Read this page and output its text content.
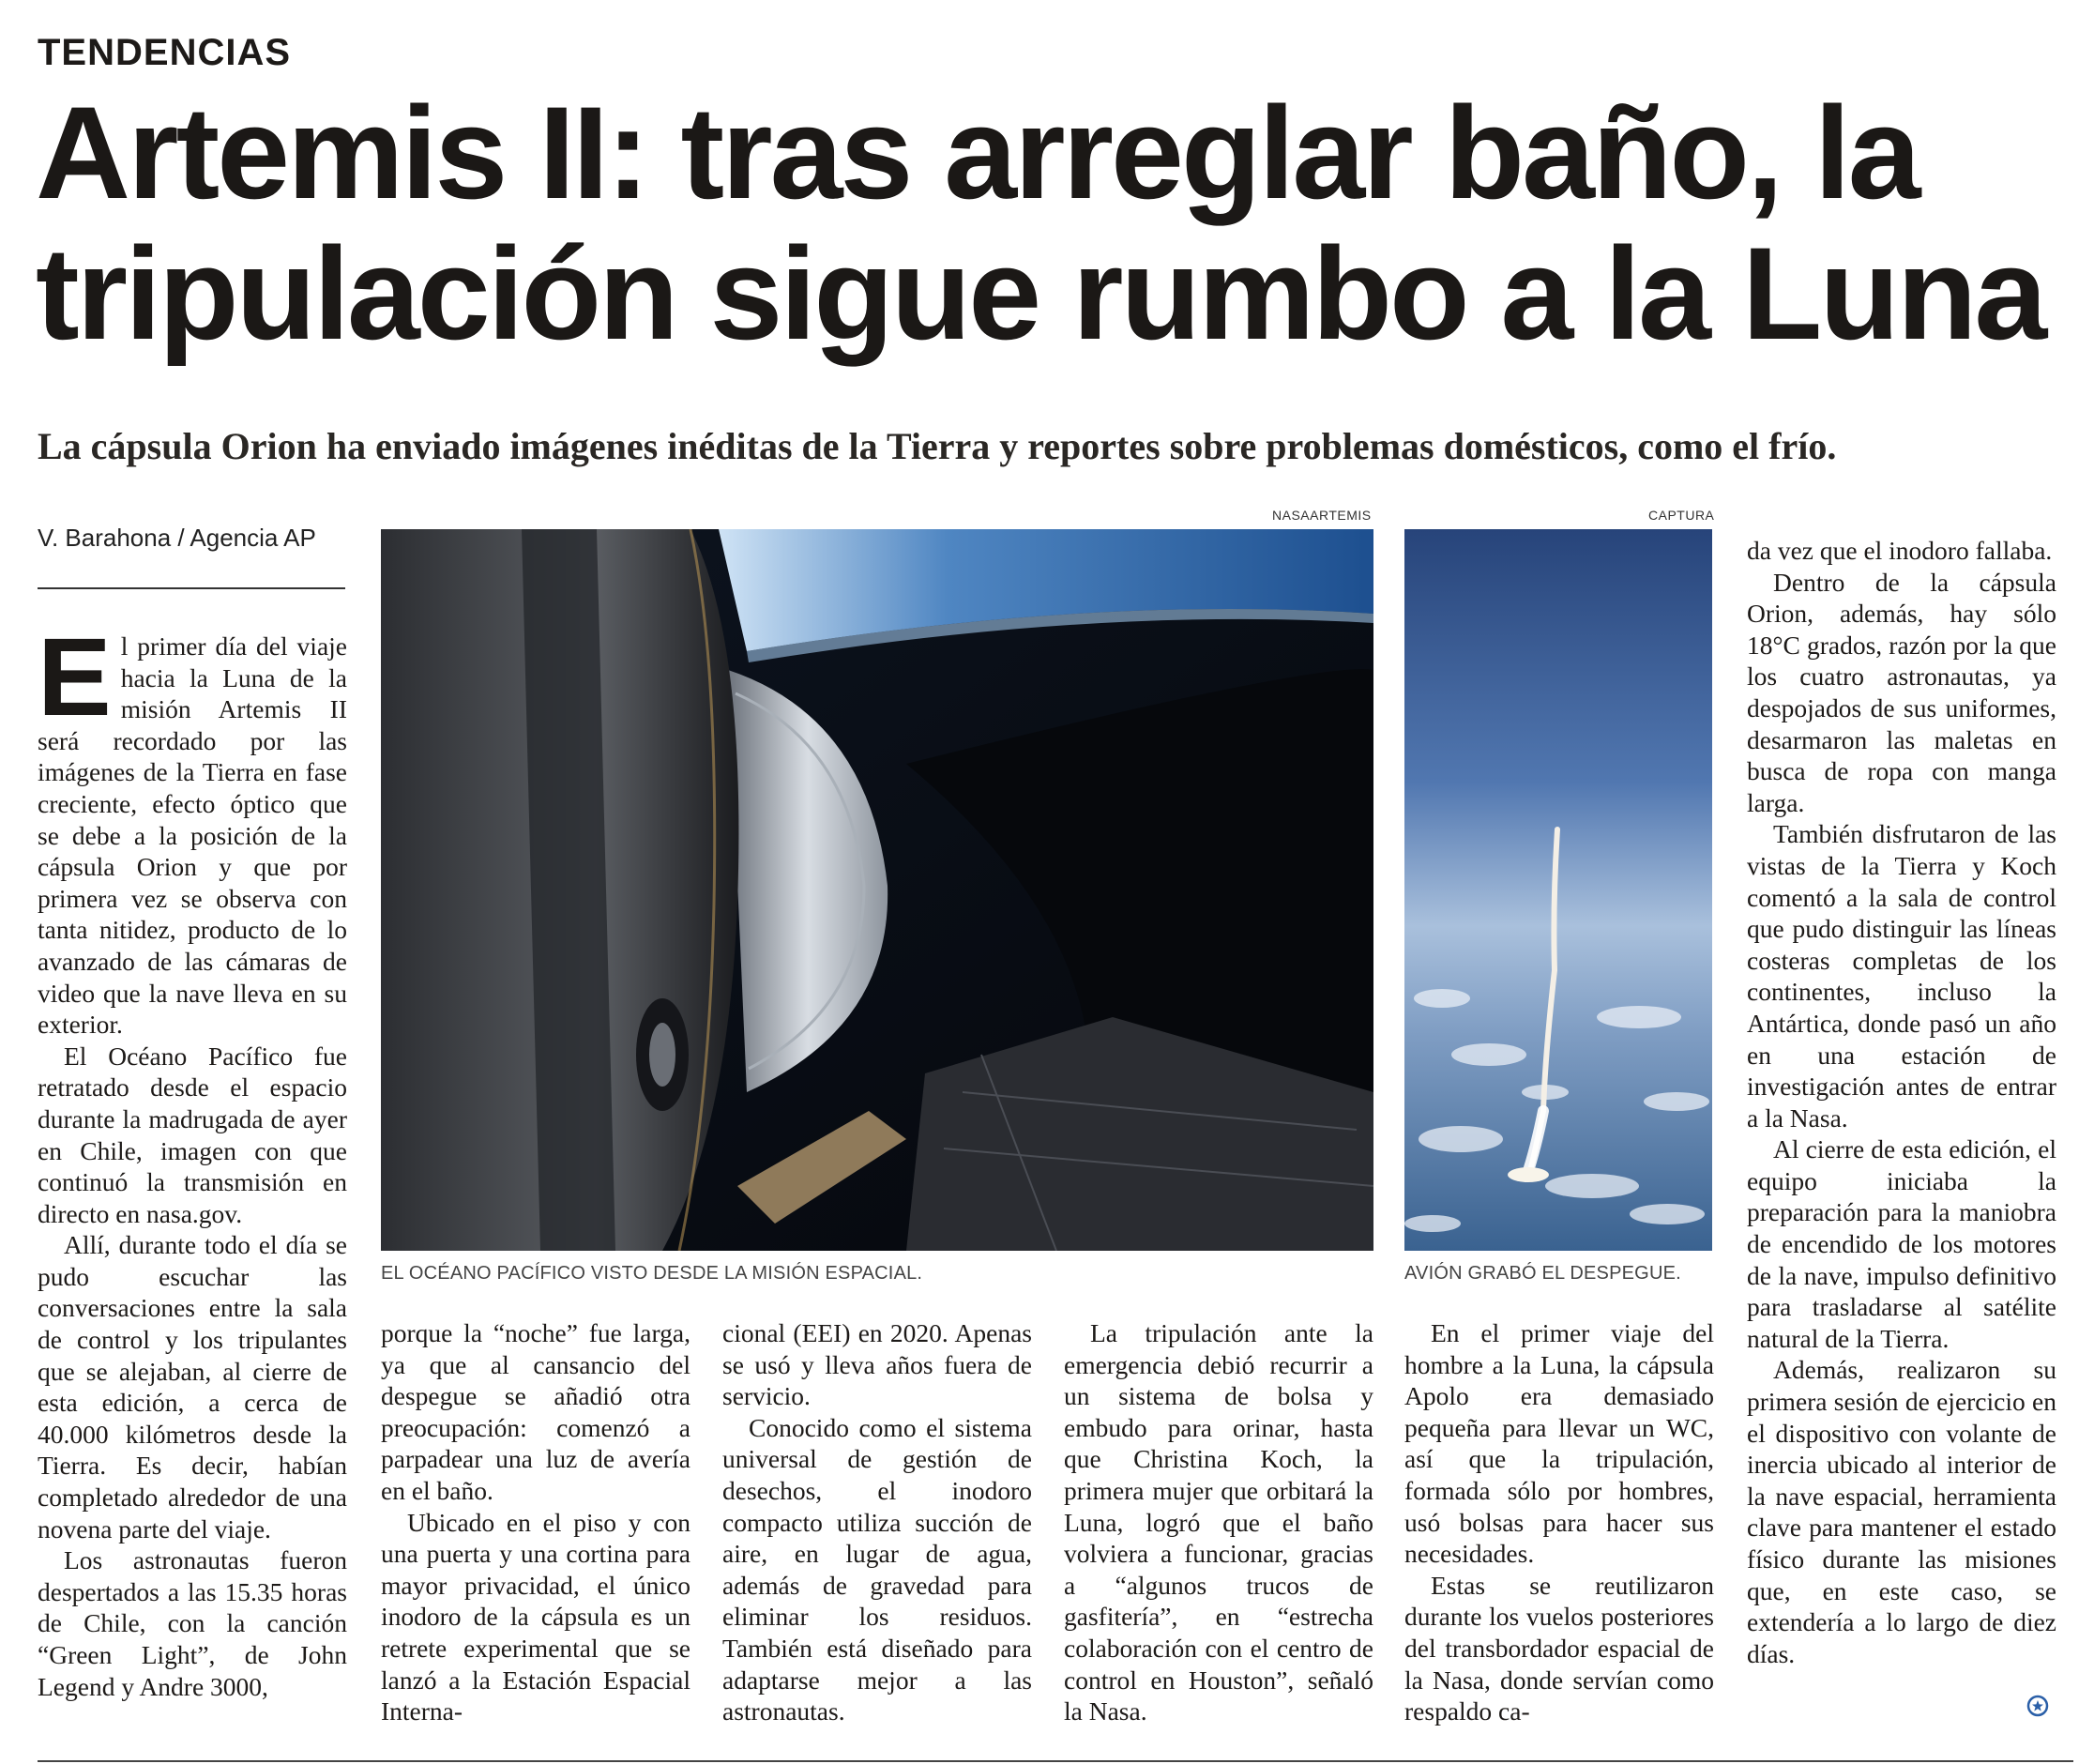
TENDENCIAS
Artemis II: tras arreglar baño, la tripulación sigue rumbo a la Luna
La cápsula Orion ha enviado imágenes inéditas de la Tierra y reportes sobre problemas domésticos, como el frío.
V. Barahona / Agencia AP
NASAARTEMIS
EL OCÉANO PACÍFICO VISTO DESDE LA MISIÓN ESPACIAL.
CAPTURA
AVIÓN GRABÓ EL DESPEGUE.
E l primer día del viaje hacia la Luna de la misión Artemis II será recordado por las imágenes de la Tierra en fase creciente, efecto óptico que se debe a la posición de la cápsula Orion y que por primera vez se observa con tanta nitidez, producto de lo avanzado de las cámaras de video que la nave lleva en su exterior.

El Océano Pacífico fue retratado desde el espacio durante la madrugada de ayer en Chile, imagen con que continuó la transmisión en directo en nasa.gov.

Allí, durante todo el día se pudo escuchar las conversaciones entre la sala de control y los tripulantes que se alejaban, al cierre de esta edición, a cerca de 40.000 kilómetros desde la Tierra. Es decir, habían completado alrededor de una novena parte del viaje.

Los astronautas fueron despertados a las 15.35 horas de Chile, con la canción “Green Light”, de John Legend y Andre 3000,

porque la “noche” fue larga, ya que al cansancio del despegue se añadió otra preocupación: comenzó a parpadear una luz de avería en el baño.

Ubicado en el piso y con una puerta y una cortina para mayor privacidad, el único inodoro de la cápsula es un retrete experimental que se lanzó a la Estación Espacial Interna-

cional (EEI) en 2020. Apenas se usó y lleva años fuera de servicio.

Conocido como el sistema universal de gestión de desechos, el inodoro compacto utiliza succión de aire, en lugar de agua, además de gravedad para eliminar los residuos. También está diseñado para adaptarse mejor a las astronautas.

La tripulación ante la emergencia debió recurrir a un sistema de bolsa y embudo para orinar, hasta que Christina Koch, la primera mujer que orbitará la Luna, logró que el baño volviera a funcionar, gracias a “algunos trucos de gasfitería”, en “estrecha colaboración con el centro de control en Houston”, señaló la Nasa.

En el primer viaje del hombre a la Luna, la cápsula Apolo era demasiado pequeña para llevar un WC, así que la tripulación, formada sólo por hombres, usó bolsas para hacer sus necesidades.

Estas se reutilizaron durante los vuelos posteriores del transbordador espacial de la Nasa, donde servían como respaldo ca-

da vez que el inodoro fallaba.

Dentro de la cápsula Orion, además, hay sólo 18°C grados, razón por la que los cuatro astronautas, ya despojados de sus uniformes, desarmaron las maletas en busca de ropa con manga larga.

También disfrutaron de las vistas de la Tierra y Koch comentó a la sala de control que pudo distinguir las líneas costeras completas de los continentes, incluso la Antártica, donde pasó un año en una estación de investigación antes de entrar a la Nasa.

Al cierre de esta edición, el equipo iniciaba la preparación para la maniobra de encendido de los motores de la nave, impulso definitivo para trasladarse al satélite natural de la Tierra.

Además, realizaron su primera sesión de ejercicio en el dispositivo con volante de inercia ubicado al interior de la nave espacial, herramienta clave para mantener el estado físico durante las misiones que, en este caso, se extendería a lo largo de diez días.
